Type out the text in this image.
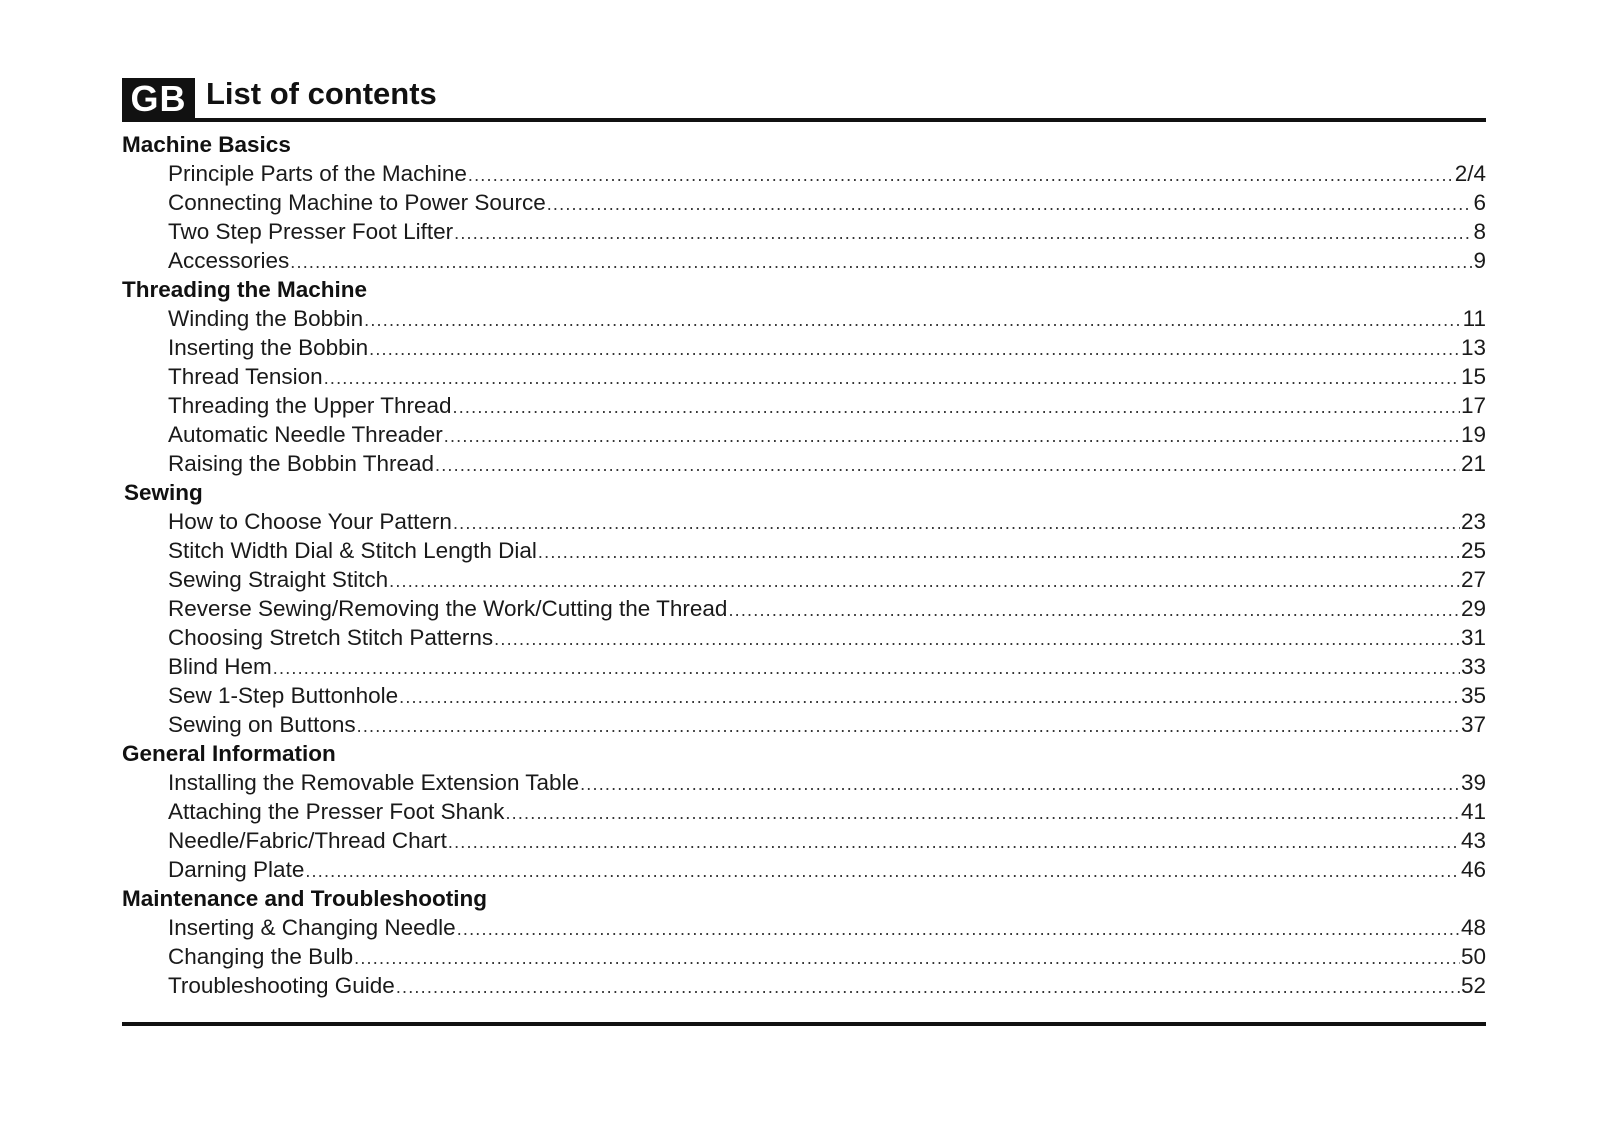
GB List of contents
Machine Basics
Principle Parts of the Machine .....	2/4
Connecting Machine to Power Source .....	6
Two Step Presser Foot Lifter .....	8
Accessories .....	9
Threading the Machine
Winding the Bobbin .....	11
Inserting the Bobbin .....	13
Thread Tension .....	15
Threading the Upper Thread .....	17
Automatic Needle Threader .....	19
Raising the Bobbin Thread .....	21
Sewing
How to Choose Your Pattern .....	23
Stitch Width Dial & Stitch Length Dial .....	25
Sewing Straight Stitch .....	27
Reverse Sewing/Removing the Work/Cutting the Thread .....	29
Choosing Stretch Stitch Patterns .....	31
Blind Hem .....	33
Sew 1-Step Buttonhole .....	35
Sewing on Buttons .....	37
General Information
Installing the Removable Extension Table .....	39
Attaching the Presser Foot Shank .....	41
Needle/Fabric/Thread Chart .....	43
Darning Plate .....	46
Maintenance and Troubleshooting
Inserting & Changing Needle .....	48
Changing the Bulb .....	50
Troubleshooting Guide .....	52
